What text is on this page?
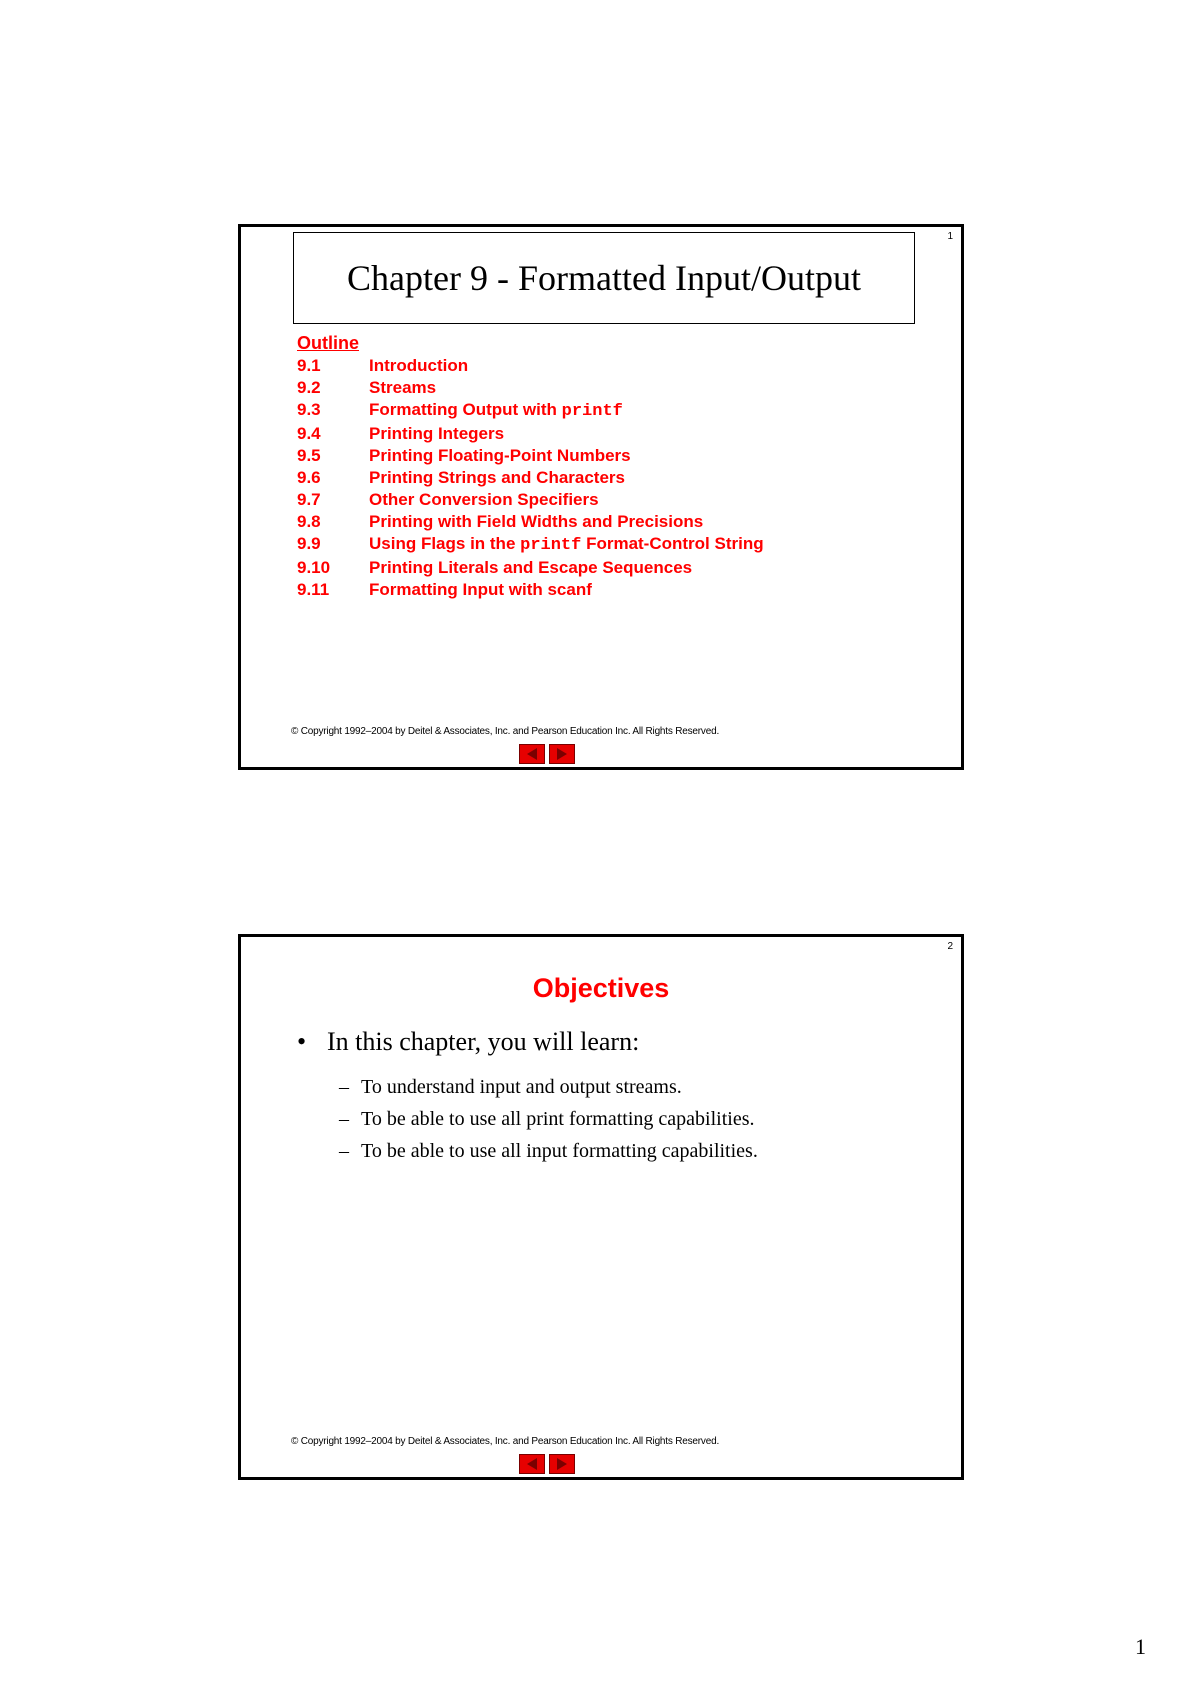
1
Chapter 9 - Formatted Input/Output
Outline
9.1	Introduction
9.2	Streams
9.3	Formatting Output with printf
9.4	Printing Integers
9.5	Printing Floating-Point Numbers
9.6	Printing Strings and Characters
9.7	Other Conversion Specifiers
9.8	Printing with Field Widths and Precisions
9.9	Using Flags in the printf Format-Control String
9.10	Printing Literals and Escape Sequences
9.11	Formatting Input with scanf
© Copyright 1992–2004 by Deitel & Associates, Inc. and Pearson Education Inc. All Rights Reserved.
2
Objectives
• In this chapter, you will learn:
– To understand input and output streams.
– To be able to use all print formatting capabilities.
– To be able to use all input formatting capabilities.
© Copyright 1992–2004 by Deitel & Associates, Inc. and Pearson Education Inc. All Rights Reserved.
1
